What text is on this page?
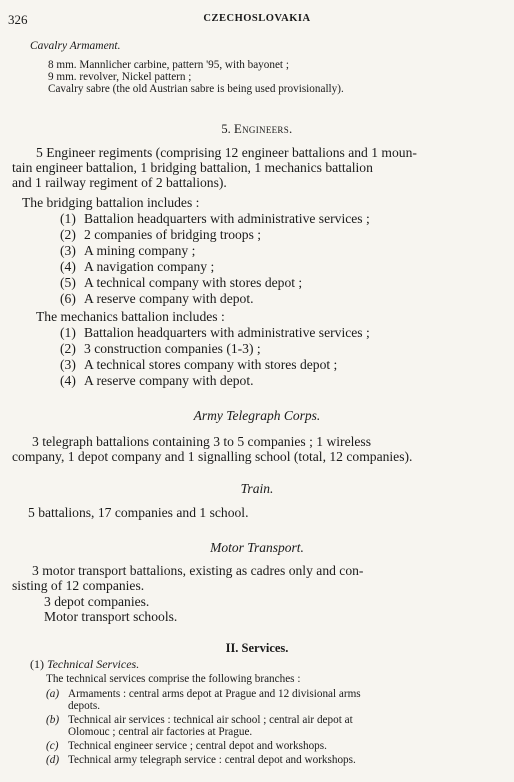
326	CZECHOSLOVAKIA
Cavalry Armament.
8 mm. Mannlicher carbine, pattern '95, with bayonet ;
9 mm. revolver, Nickel pattern ;
Cavalry sabre (the old Austrian sabre is being used provisionally).
5. Engineers.
5 Engineer regiments (comprising 12 engineer battalions and 1 moun-
tain engineer battalion, 1 bridging battalion, 1 mechanics battalion
and 1 railway regiment of 2 battalions).
The bridging battalion includes :
(1) Battalion headquarters with administrative services ;
(2) 2 companies of bridging troops ;
(3) A mining company ;
(4) A navigation company ;
(5) A technical company with stores depot ;
(6) A reserve company with depot.
The mechanics battalion includes :
(1) Battalion headquarters with administrative services ;
(2) 3 construction companies (1-3) ;
(3) A technical stores company with stores depot ;
(4) A reserve company with depot.
Army Telegraph Corps.
3 telegraph battalions containing 3 to 5 companies ; 1 wireless
company, 1 depot company and 1 signalling school (total, 12 companies).
Train.
5 battalions, 17 companies and 1 school.
Motor Transport.
3 motor transport battalions, existing as cadres only and con-
sisting of 12 companies.
3 depot companies.
Motor transport schools.
II. Services.
(1) Technical Services.
The technical services comprise the following branches :
(a) Armaments : central arms depot at Prague and 12 divisional arms
depots.
(b) Technical air services : technical air school ; central air depot at
Olomouc ; central air factories at Prague.
(c) Technical engineer service ; central depot and workshops.
(d) Technical army telegraph service : central depot and workshops.
